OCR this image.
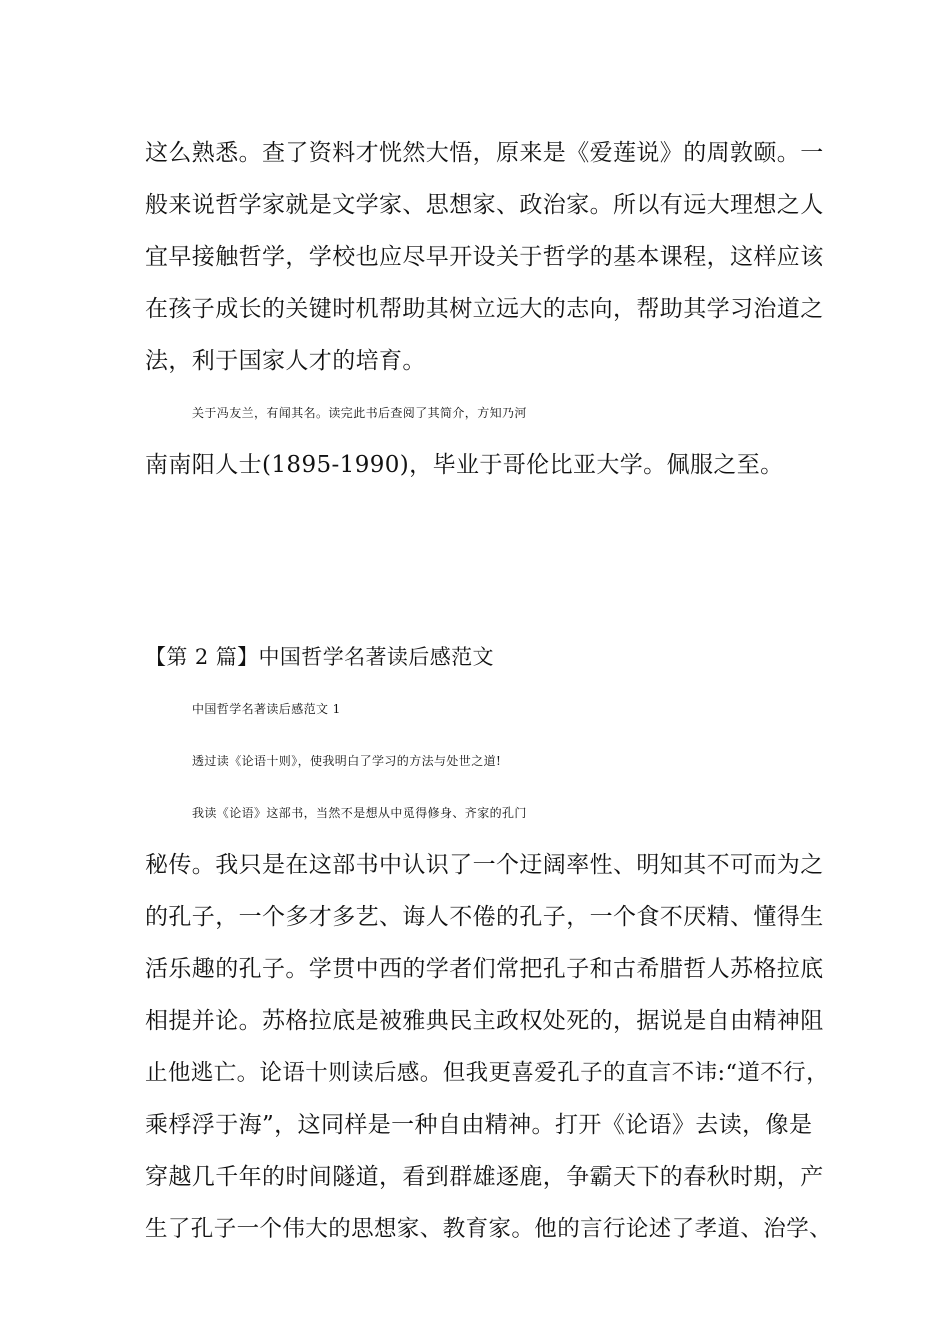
这么熟悉。查了资料才恍然大悟，原来是《爱莲说》的周敦颐。一
般来说哲学家就是文学家、思想家、政治家。所以有远大理想之人
宜早接触哲学，学校也应尽早开设关于哲学的基本课程，这样应该
在孩子成长的关键时机帮助其树立远大的志向，帮助其学习治道之
法，利于国家人才的培育。
关于冯友兰，有闻其名。读完此书后查阅了其简介，方知乃河
南南阳人士(1895-1990)，毕业于哥伦比亚大学。佩服之至。
【第 2 篇】中国哲学名著读后感范文
中国哲学名著读后感范文 1
透过读《论语十则》，使我明白了学习的方法与处世之道!
我读《论语》这部书，当然不是想从中觅得修身、齐家的孔门
秘传。我只是在这部书中认识了一个迂阔率性、明知其不可而为之
的孔子，一个多才多艺、诲人不倦的孔子，一个食不厌精、懂得生
活乐趣的孔子。学贯中西的学者们常把孔子和古希腊哲人苏格拉底
相提并论。苏格拉底是被雅典民主政权处死的，据说是自由精神阻
止他逃亡。论语十则读后感。但我更喜爱孔子的直言不讳:“道不行，
乘桴浮于海”，这同样是一种自由精神。打开《论语》去读，像是
穿越几千年的时间隧道，看到群雄逐鹿，争霸天下的春秋时期，产
生了孔子一个伟大的思想家、教育家。他的言行论述了孝道、治学、
